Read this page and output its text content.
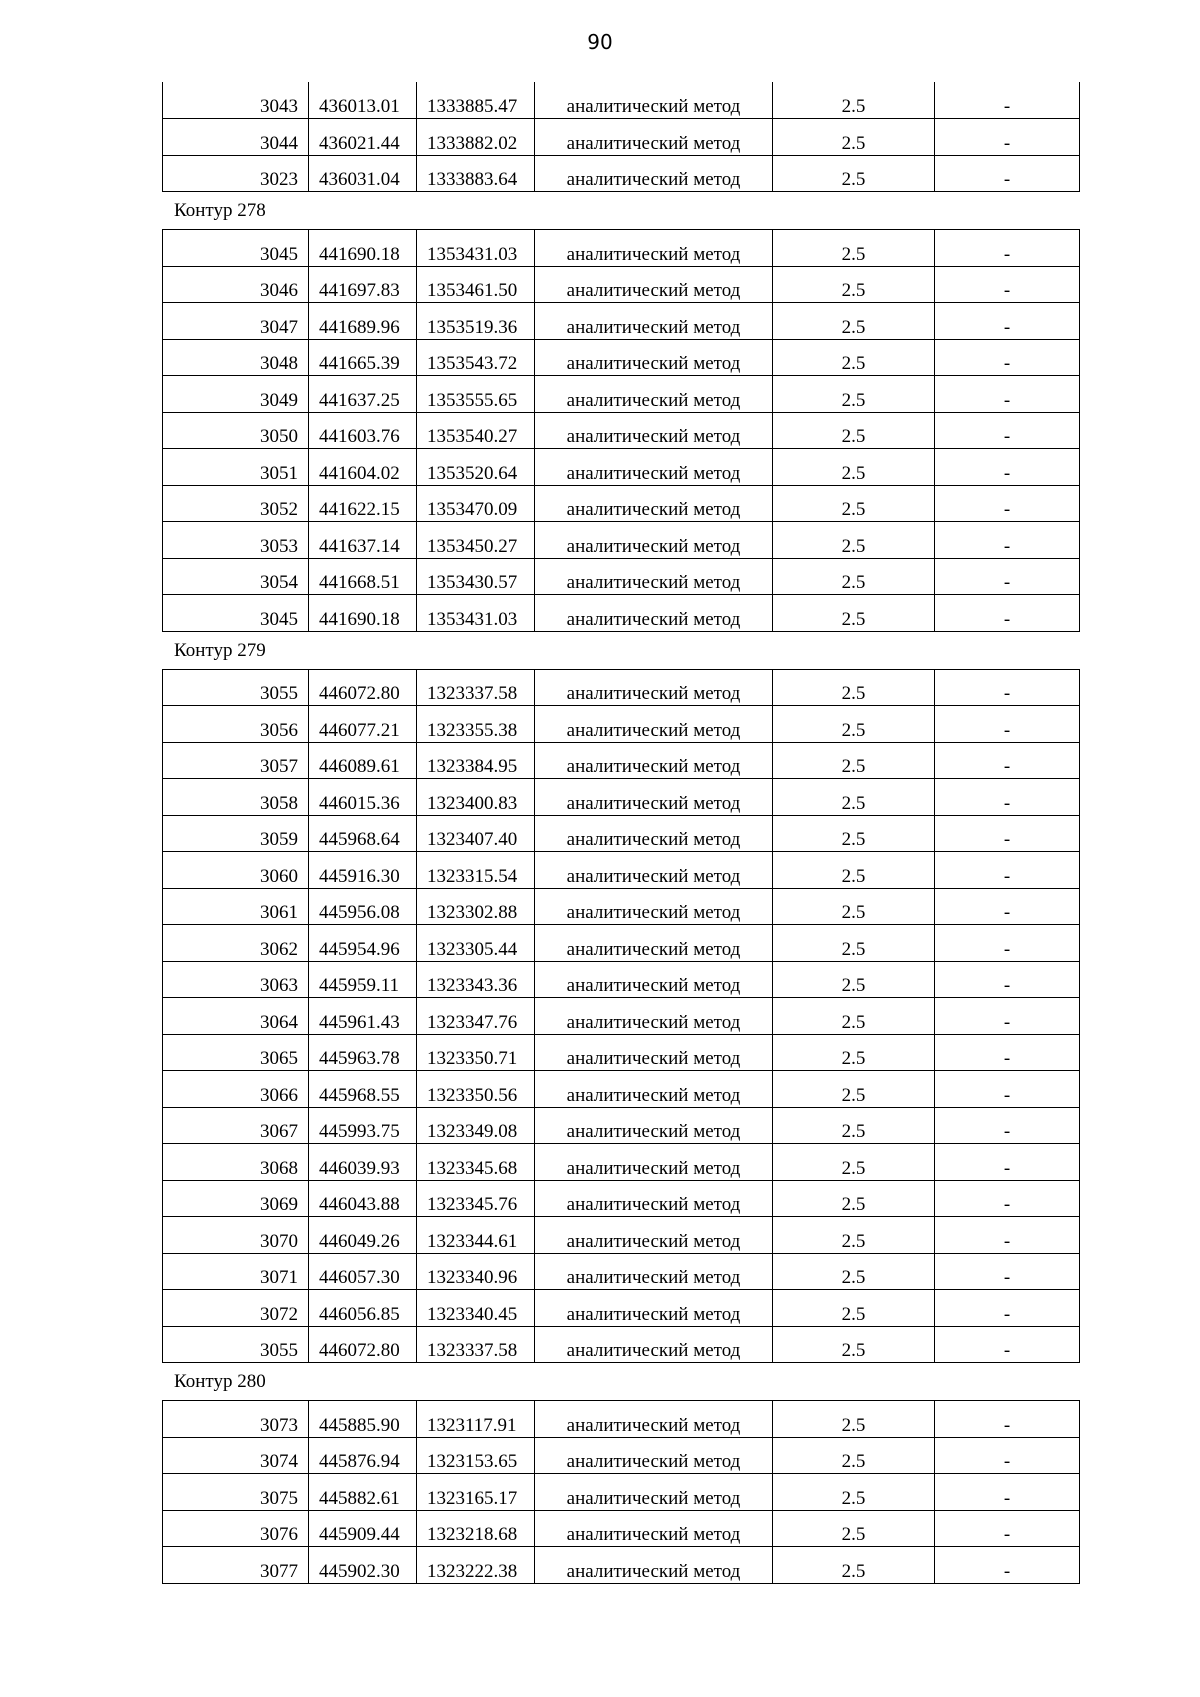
90
3043	436013.01	1333885.47	аналитический метод	2.5	-
3044	436021.44	1333882.02	аналитический метод	2.5	-
3023	436031.04	1333883.64	аналитический метод	2.5	-
Контур 278
3045	441690.18	1353431.03	аналитический метод	2.5	-
3046	441697.83	1353461.50	аналитический метод	2.5	-
3047	441689.96	1353519.36	аналитический метод	2.5	-
3048	441665.39	1353543.72	аналитический метод	2.5	-
3049	441637.25	1353555.65	аналитический метод	2.5	-
3050	441603.76	1353540.27	аналитический метод	2.5	-
3051	441604.02	1353520.64	аналитический метод	2.5	-
3052	441622.15	1353470.09	аналитический метод	2.5	-
3053	441637.14	1353450.27	аналитический метод	2.5	-
3054	441668.51	1353430.57	аналитический метод	2.5	-
3045	441690.18	1353431.03	аналитический метод	2.5	-
Контур 279
3055	446072.80	1323337.58	аналитический метод	2.5	-
3056	446077.21	1323355.38	аналитический метод	2.5	-
3057	446089.61	1323384.95	аналитический метод	2.5	-
3058	446015.36	1323400.83	аналитический метод	2.5	-
3059	445968.64	1323407.40	аналитический метод	2.5	-
3060	445916.30	1323315.54	аналитический метод	2.5	-
3061	445956.08	1323302.88	аналитический метод	2.5	-
3062	445954.96	1323305.44	аналитический метод	2.5	-
3063	445959.11	1323343.36	аналитический метод	2.5	-
3064	445961.43	1323347.76	аналитический метод	2.5	-
3065	445963.78	1323350.71	аналитический метод	2.5	-
3066	445968.55	1323350.56	аналитический метод	2.5	-
3067	445993.75	1323349.08	аналитический метод	2.5	-
3068	446039.93	1323345.68	аналитический метод	2.5	-
3069	446043.88	1323345.76	аналитический метод	2.5	-
3070	446049.26	1323344.61	аналитический метод	2.5	-
3071	446057.30	1323340.96	аналитический метод	2.5	-
3072	446056.85	1323340.45	аналитический метод	2.5	-
3055	446072.80	1323337.58	аналитический метод	2.5	-
Контур 280
3073	445885.90	1323117.91	аналитический метод	2.5	-
3074	445876.94	1323153.65	аналитический метод	2.5	-
3075	445882.61	1323165.17	аналитический метод	2.5	-
3076	445909.44	1323218.68	аналитический метод	2.5	-
3077	445902.30	1323222.38	аналитический метод	2.5	-
